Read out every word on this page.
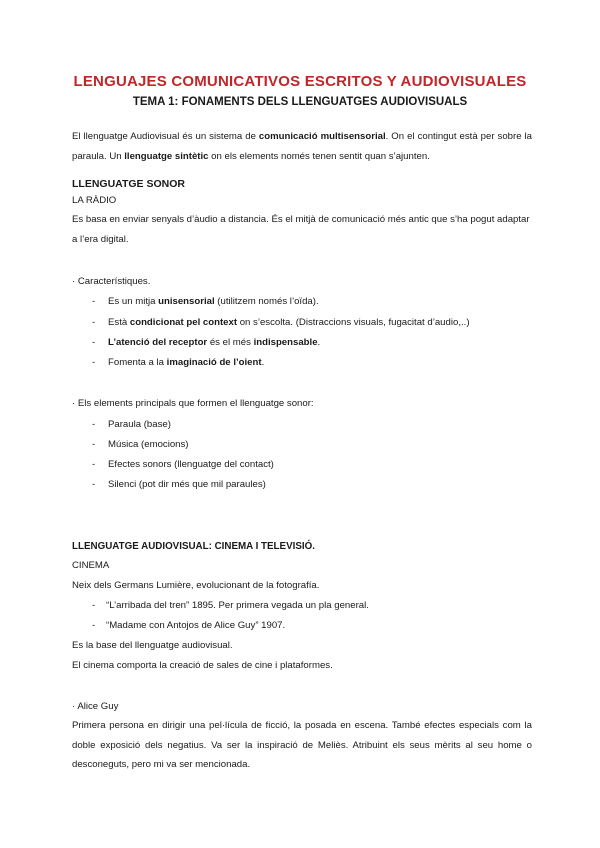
LENGUAJES COMUNICATIVOS ESCRITOS Y AUDIOVISUALES
TEMA 1: FONAMENTS DELS LLENGUATGES AUDIOVISUALS
El llenguatge Audiovisual és un sistema de comunicació multisensorial. On el contingut està per sobre la paraula. Un llenguatge sintètic on els elements només tenen sentit quan s’ajunten.
LLENGUATGE SONOR
LA RÀDIO
Es basa en enviar senyals d’àudio a distancia. És el mitjà de comunicació més antic que s’ha pogut adaptar a l’era digital.
· Característiques.
- Es un mitja unisensorial (utilitzem només l’oïda).
- Està condicionat pel context on s’escolta. (Distraccions visuals, fugacitat d’audio,..)
- L’atenció del receptor és el més indispensable.
- Fomenta a la imaginació de l’oient.
· Els elements principals que formen el llenguatge sonor:
- Paraula (base)
- Música (emocions)
- Efectes sonors (llenguatge del contact)
- Silenci (pot dir més que mil paraules)
LLENGUATGE AUDIOVISUAL: CINEMA I TELEVISIÓ.
CINEMA
Neix dels Germans Lumière, evolucionant de la fotografía.
- “L’arribada del tren” 1895. Per primera vegada un pla general.
- “Madame con Antojos de Alice Guy” 1907.
Es la base del llenguatge audiovisual.
El cinema comporta la creació de sales de cine i plataformes.
· Alice Guy
Primera persona en dirigir una pel·lícula de ficció, la posada en escena. També efectes especials com la doble exposició dels negatius. Va ser la inspiració de Meliès. Atribuint els seus mèrits al seu home o desconeguts, pero mi va ser mencionada.
